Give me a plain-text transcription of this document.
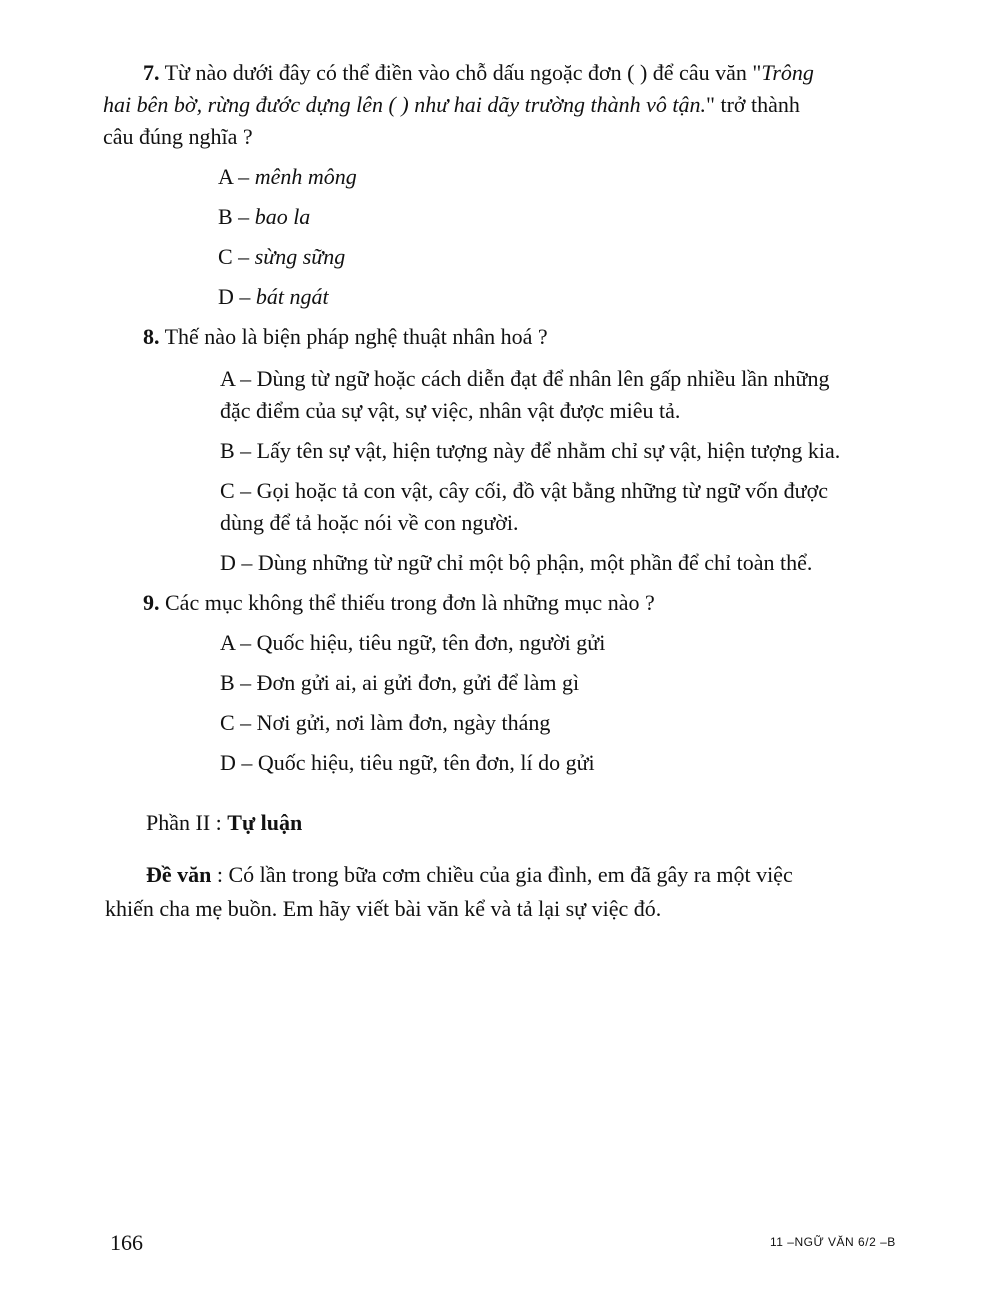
7. Từ nào dưới đây có thể điền vào chỗ dấu ngoặc đơn ( ) để câu văn "Trông
hai bên bờ, rừng đước dựng lên ( ) như hai dãy trường thành vô tận." trở thành
câu đúng nghĩa ?
A – mênh mông
B – bao la
C – sừng sững
D – bát ngát
8. Thế nào là biện pháp nghệ thuật nhân hoá ?
A – Dùng từ ngữ hoặc cách diễn đạt để nhân lên gấp nhiều lần những
đặc điểm của sự vật, sự việc, nhân vật được miêu tả.
B – Lấy tên sự vật, hiện tượng này để nhằm chỉ sự vật, hiện tượng kia.
C – Gọi hoặc tả con vật, cây cối, đồ vật bằng những từ ngữ vốn được
dùng để tả hoặc nói về con người.
D – Dùng những từ ngữ chỉ một bộ phận, một phần để chỉ toàn thể.
9. Các mục không thể thiếu trong đơn là những mục nào ?
A – Quốc hiệu, tiêu ngữ, tên đơn, người gửi
B – Đơn gửi ai, ai gửi đơn, gửi để làm gì
C – Nơi gửi, nơi làm đơn, ngày tháng
D – Quốc hiệu, tiêu ngữ, tên đơn, lí do gửi
Phần II : Tự luận
Đề văn : Có lần trong bữa cơm chiều của gia đình, em đã gây ra một việc
khiến cha mẹ buồn. Em hãy viết bài văn kể và tả lại sự việc đó.
166	11 –NGỮ VĂN 6/2 –B
